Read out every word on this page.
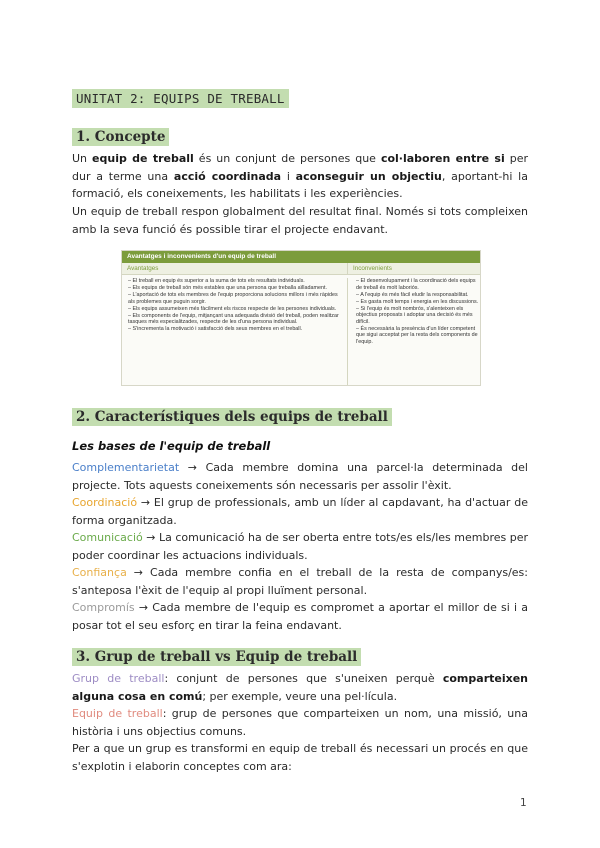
UNITAT 2: EQUIPS DE TREBALL
1. Concepte

Un equip de treball és un conjunt de persones que col·laboren entre si per dur a terme una acció coordinada i aconseguir un objectiu, aportant-hi la formació, els coneixements, les habilitats i les experiències.

Un equip de treball respon globalment del resultat final. Només si tots compleixen amb la seva funció és possible tirar el projecte endavant.

Avantatges i inconvenients d'un equip de treball
Avantatges	Inconvenients
– El treball en equip és superior a la suma de tots els resultats individuals.
– Els equips de treball són més estables que una persona que treballa aïlladament.
– L'aportació de tots els membres de l'equip proporciona solucions millors i més ràpides als problemes que puguin sorgir.
– Els equips assumeixen més fàcilment els riscos respecte de les persones individuals.
– Els components de l'equip, mitjançant una adequada divisió del treball, poden realitzar tasques més especialitzades, respecte de les d'una persona individual.
– S'incrementa la motivació i satisfacció dels seus membres en el treball.
– El desenvolupament i la coordinació dels equips de treball és molt laboriós.
– A l'equip és més fàcil eludir la responsabilitat.
– Es gasta molt temps i energia en les discussions.
– Si l'equip és molt nombrós, s'alenteixen els objectius proposats i adoptar una decisió és més difícil.
– És necessària la presència d'un líder competent que sigui acceptat per la resta dels components de l'equip.
2. Característiques dels equips de treball
Les bases de l'equip de treball

Complementarietat → Cada membre domina una parcel·la determinada del projecte. Tots aquests coneixements són necessaris per assolir l'èxit.

Coordinació → El grup de professionals, amb un líder al capdavant, ha d'actuar de forma organitzada.

Comunicació → La comunicació ha de ser oberta entre tots/es els/les membres per poder coordinar les actuacions individuals.

Confiança → Cada membre confia en el treball de la resta de companys/es: s'anteposa l'èxit de l'equip al propi lluïment personal.

Compromís → Cada membre de l'equip es compromet a aportar el millor de si i a posar tot el seu esforç en tirar la feina endavant.

3. Grup de treball vs Equip de treball

Grup de treball: conjunt de persones que s'uneixen perquè comparteixen alguna cosa en comú; per exemple, veure una pel·lícula.

Equip de treball: grup de persones que comparteixen un nom, una missió, una història i uns objectius comuns.

Per a que un grup es transformi en equip de treball és necessari un procés en que s'explotin i elaborin conceptes com ara:

1
